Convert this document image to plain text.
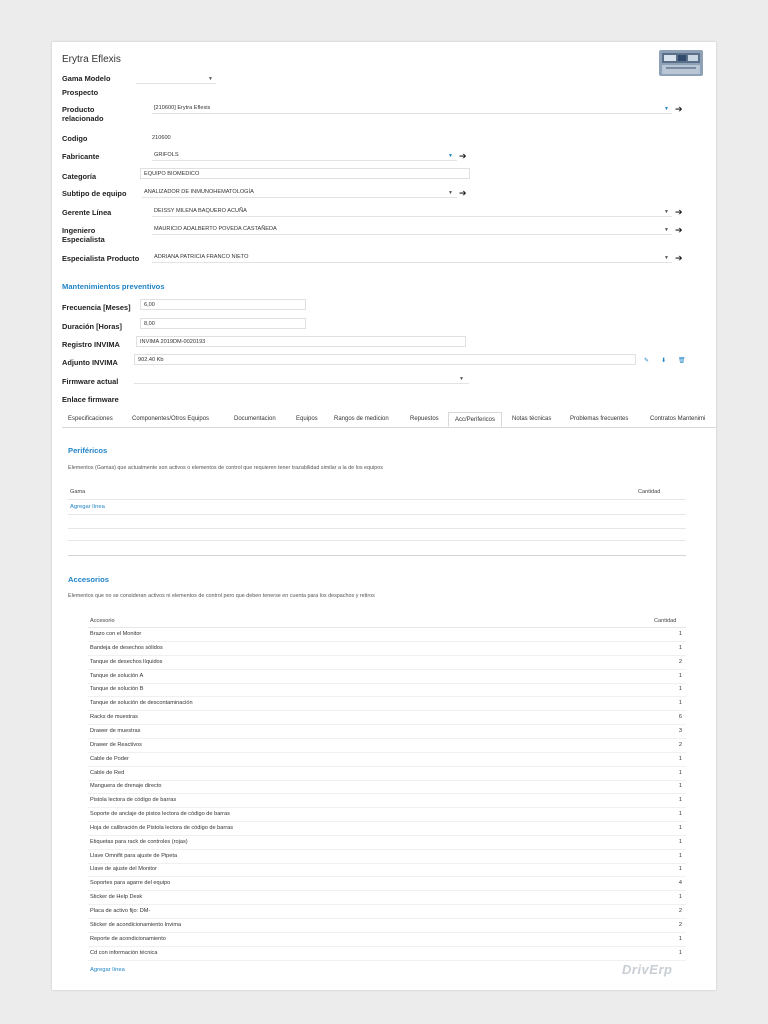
Erytra Eflexis
Gama Modelo	▼
Prospecto
Producto relacionado
[210600] Erytra Eflexis	▼ ➔
Codigo	210600
Fabricante	GRIFOLS	▼ ➔
Categoría	EQUIPO BIOMEDICO
Subtipo de equipo	ANALIZADOR DE INMUNOHEMATOLOGÍA	▼ ➔
Gerente Línea	DEISSY MILENA BAQUERO ACUÑA	▼ ➔
Ingeniero Especialista
MAURICIO ADALBERTO POVEDA CASTAÑEDA	▼ ➔
Especialista Producto	ADRIANA PATRICIA FRANCO NIETO	▼ ➔
Mantenimientos preventivos
Frecuencia [Meses]	6,00
Duración [Horas]	8,00
Registro INVIMA	INVIMA 2019DM-0020193
Adjunto INVIMA	902.40 Kb	✎ ⬇ 🗑
Firmware actual	▼
Enlace firmware
Especificaciones	Componentes/Otros Equipos	Documentacion	Equipos	Rangos de medicion	Repuestos	Acc/Perifericos	Notas técnicas	Problemas frecuentes	Contratos Mantenimi
Periféricos
Elementos (Gamas) que actualmente son activos o elementos de control que requieren tener trazabilidad similar a la de los equipos
Gama	Cantidad
Agregar línea
Accesorios
Elementos que no se consideran activos ni elementos de control pero que deben tenerse en cuenta para los despachos y retiros
Accesorio	Cantidad
Brazo con el Monitor	1
Bandeja de desechos sólidos	1
Tanque de desechos líquidos	2
Tanque de solución A	1
Tanque de solución B	1
Tanque de solución de descontaminación	1
Racks de muestras	6
Drawer de muestras	3
Drawer de Reactivos	2
Cable de Poder	1
Cable de Red	1
Manguera de drenaje directo	1
Pistola lectora de código de barras	1
Soporte de anclaje de pistos lectora de código de barras	1
Hoja de calibración de Pistola lectora de código de barras	1
Etiquetas para rack de controles (rojas)	1
Llave Omnifit para ajuste de Pipeta	1
Llave de ajuste del Monitor	1
Soportes para agarre del equipo	4
Sticker de Help Desk	1
Placa de activo fijo: DM-	2
Sticker de acondicionamiento Invima	2
Reporte de acondicionamiento	1
Cd con información técnica	1
Agregar línea	DrivErp
